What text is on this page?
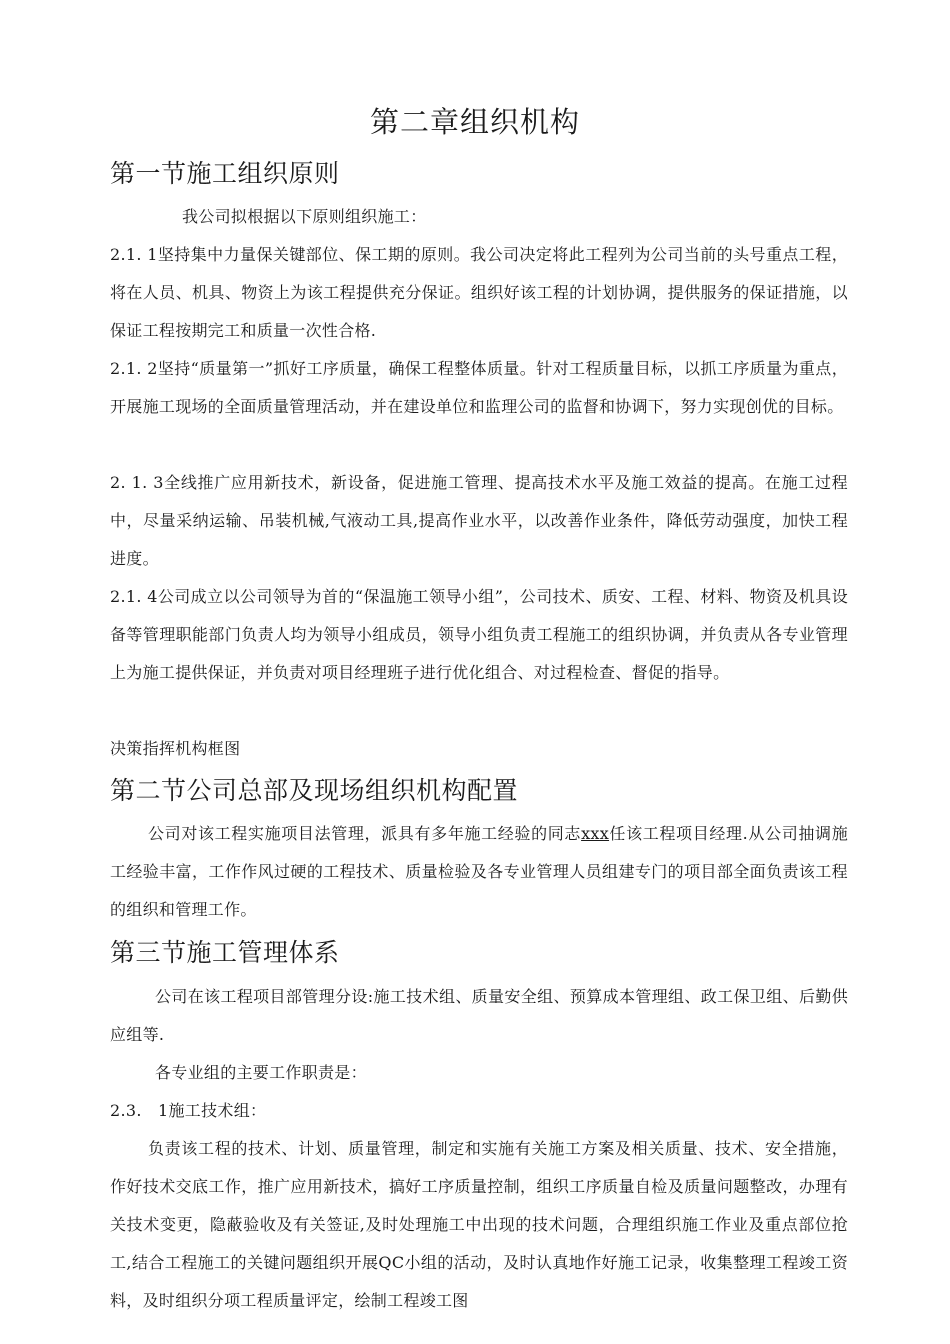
第二章组织机构
第一节施工组织原则
我公司拟根据以下原则组织施工：
2.1. 1坚持集中力量保关键部位、保工期的原则。我公司决定将此工程列为公司当前的头号重点工程，将在人员、机具、物资上为该工程提供充分保证。组织好该工程的计划协调，提供服务的保证措施，以保证工程按期完工和质量一次性合格.
2.1. 2坚持“质量第一”抓好工序质量，确保工程整体质量。针对工程质量目标，以抓工序质量为重点，开展施工现场的全面质量管理活动，并在建设单位和监理公司的监督和协调下，努力实现创优的目标。
2. 1. 3全线推广应用新技术，新设备，促进施工管理、提高技术水平及施工效益的提高。在施工过程中，尽量采纳运输、吊装机械,气液动工具,提高作业水平，以改善作业条件，降低劳动强度，加快工程进度。
2.1. 4公司成立以公司领导为首的“保温施工领导小组”，公司技术、质安、工程、材料、物资及机具设备等管理职能部门负责人均为领导小组成员，领导小组负责工程施工的组织协调，并负责从各专业管理上为施工提供保证，并负责对项目经理班子进行优化组合、对过程检查、督促的指导。
决策指挥机构框图
第二节公司总部及现场组织机构配置
公司对该工程实施项目法管理，派具有多年施工经验的同志xxx任该工程项目经理.从公司抽调施工经验丰富，工作作风过硬的工程技术、质量检验及各专业管理人员组建专门的项目部全面负责该工程的组织和管理工作。
第三节施工管理体系
公司在该工程项目部管理分设:施工技术组、质量安全组、预算成本管理组、政工保卫组、后勤供应组等.
各专业组的主要工作职责是：
2.3.　1施工技术组：
负责该工程的技术、计划、质量管理，制定和实施有关施工方案及相关质量、技术、安全措施，作好技术交底工作，推广应用新技术，搞好工序质量控制，组织工序质量自检及质量问题整改，办理有关技术变更，隐蔽验收及有关签证,及时处理施工中出现的技术问题，合理组织施工作业及重点部位抢工,结合工程施工的关键问题组织开展QC小组的活动，及时认真地作好施工记录，收集整理工程竣工资料，及时组织分项工程质量评定，绘制工程竣工图
